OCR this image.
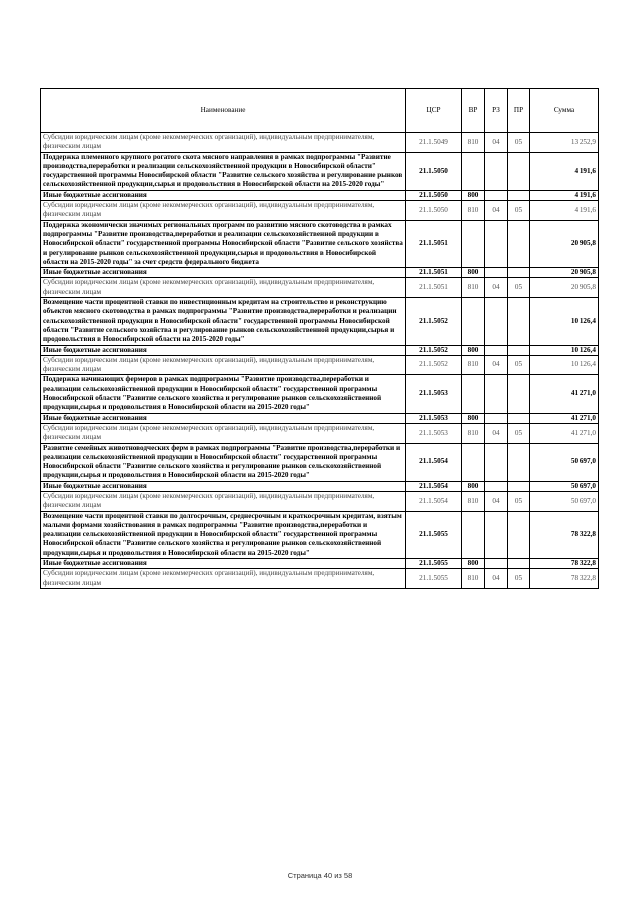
Наименование	ЦСР	ВР	РЗ	ПР	Сумма
Субсидии юридическим лицам (кроме некоммерческих организаций), индивидуальным предпринимателям, физическим лицам	21.1.5049	810	04	05	13 252,9
Поддержка племенного крупного рогатого скота мясного направления в рамках подпрограммы "Развитие производства,переработки и реализации сельскохозяйственной продукции в Новосибирской области" государственной программы Новосибирской области "Развитие сельского хозяйства и регулирование рынков сельскохозяйственной продукции,сырья и продовольствия в Новосибирской области на 2015-2020 годы"	21.1.5050				4 191,6
Иные бюджетные ассигнования	21.1.5050	800			4 191,6
Субсидии юридическим лицам (кроме некоммерческих организаций), индивидуальным предпринимателям, физическим лицам	21.1.5050	810	04	05	4 191,6
Поддержка экономически значимых региональных программ по развитию мясного скотоводства в рамках подпрограммы "Развитие производства,переработки и реализации сельскохозяйственной продукции в Новосибирской области" государственной программы Новосибирской области "Развитие сельского хозяйства и регулирование рынков сельскохозяйственной продукции,сырья и продовольствия в Новосибирской области на 2015-2020 годы" за счет средств федерального бюджета	21.1.5051				20 905,8
Иные бюджетные ассигнования	21.1.5051	800			20 905,8
Субсидии юридическим лицам (кроме некоммерческих организаций), индивидуальным предпринимателям, физическим лицам	21.1.5051	810	04	05	20 905,8
Возмещение части процентной ставки по инвестиционным кредитам на строительство и реконструкцию объектов мясного скотоводства в рамках подпрограммы "Развитие производства,переработки и реализации сельскохозяйственной продукции в Новосибирской области" государственной программы Новосибирской области "Развитие сельского хозяйства и регулирование рынков сельскохозяйственной продукции,сырья и продовольствия в Новосибирской области на 2015-2020 годы"	21.1.5052				10 126,4
Иные бюджетные ассигнования	21.1.5052	800			10 126,4
Субсидии юридическим лицам (кроме некоммерческих организаций), индивидуальным предпринимателям, физическим лицам	21.1.5052	810	04	05	10 126,4
Поддержка начинающих фермеров в рамках подпрограммы "Развитие производства,переработки и реализации сельскохозяйственной продукции в Новосибирской области" государственной программы Новосибирской области "Развитие сельского хозяйства и регулирование рынков сельскохозяйственной продукции,сырья и продовольствия в Новосибирской области на 2015-2020 годы"	21.1.5053				41 271,0
Иные бюджетные ассигнования	21.1.5053	800			41 271,0
Субсидии юридическим лицам (кроме некоммерческих организаций), индивидуальным предпринимателям, физическим лицам	21.1.5053	810	04	05	41 271,0
Развитие семейных животноводческих ферм в рамках подпрограммы "Развитие производства,переработки и реализации сельскохозяйственной продукции в Новосибирской области" государственной программы Новосибирской области "Развитие сельского хозяйства и регулирование рынков сельскохозяйственной продукции,сырья и продовольствия в Новосибирской области на 2015-2020 годы"	21.1.5054				50 697,0
Иные бюджетные ассигнования	21.1.5054	800			50 697,0
Субсидии юридическим лицам (кроме некоммерческих организаций), индивидуальным предпринимателям, физическим лицам	21.1.5054	810	04	05	50 697,0
Возмещение части процентной ставки по долгосрочным, среднесрочным и краткосрочным кредитам, взятым малыми формами хозяйствования в рамках подпрограммы "Развитие производства,переработки и реализации сельскохозяйственной продукции в Новосибирской области" государственной программы Новосибирской области "Развитие сельского хозяйства и регулирование рынков сельскохозяйственной продукции,сырья и продовольствия в Новосибирской области на 2015-2020 годы"	21.1.5055				78 322,8
Иные бюджетные ассигнования	21.1.5055	800			78 322,8
Субсидии юридическим лицам (кроме некоммерческих организаций), индивидуальным предпринимателям, физическим лицам	21.1.5055	810	04	05	78 322,8
Страница 40 из 58
